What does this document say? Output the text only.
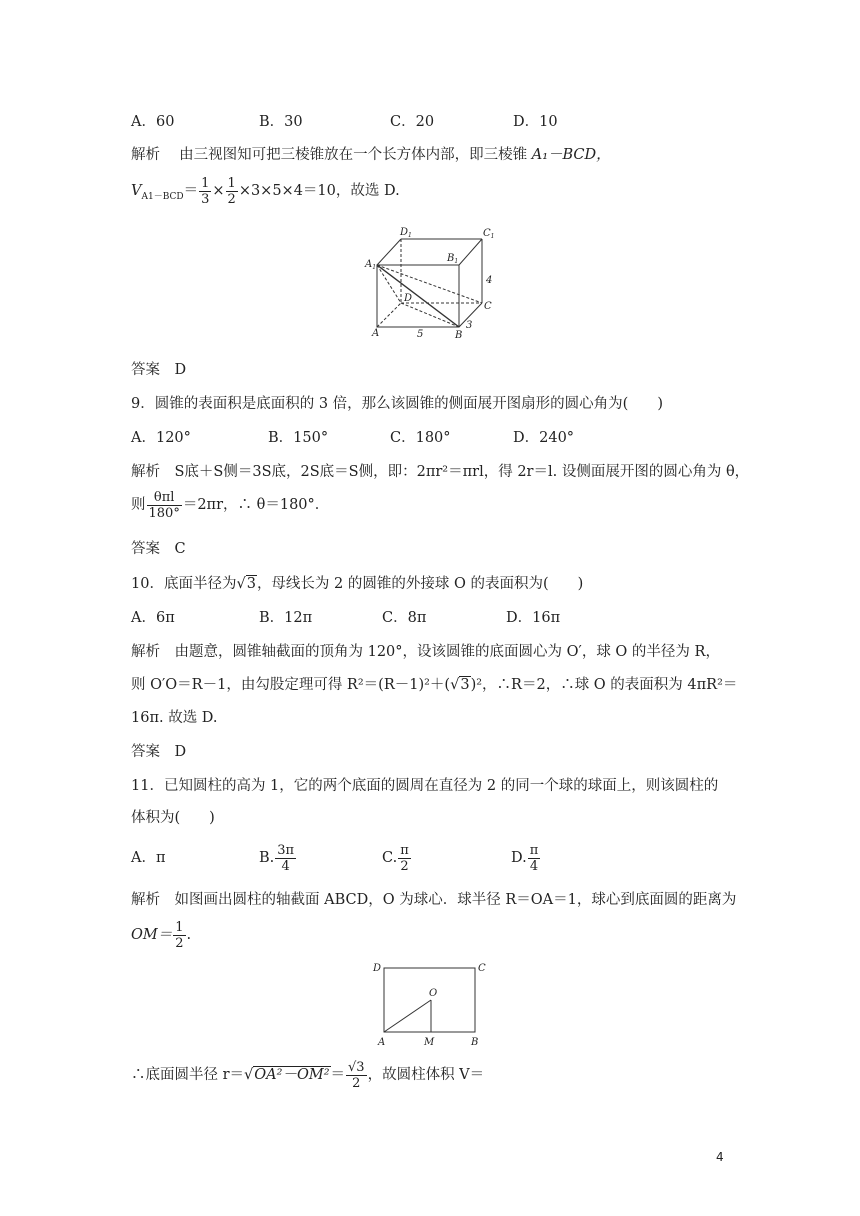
A．60	B．30	C．20	D．10
解析　 由三视图知可把三棱锥放在一个长方体内部，即三棱锥 A₁－BCD，
$V_{A1-BCD}= \frac{1}{3} \times \frac{1}{2} \times 3\times 5\times 4=10$，故选 D.
$D_1$	$C_1$
$B_1$
$A_1$
D
C
A	B
4
5
3
答案　D
9．圆锥的表面积是底面积的 3 倍，那么该圆锥的侧面展开图扇形的圆心角为(　　)
A．120°	B．150°	C．180°	D．240°
解析　S底＋S侧＝3S底，2S底＝S侧，即：2πr²＝πrl，得 2r＝l. 设侧面展开图的圆心角为 θ，
则 $\frac{\text{θπl}}{180^\circ} =2\pi r$，∴ θ＝180°．
答案　C
10．底面半径为√3，母线长为 2 的圆锥的外接球 O 的表面积为(　　)
A．6π	B．12π	C．8π	D．16π
解析　由题意，圆锥轴截面的顶角为 120°，设该圆锥的底面圆心为 O′，球 O 的半径为 R，
则 O′O＝R－1，由勾股定理可得 R²＝(R－1)²＋(√3)²，∴R＝2，∴球 O 的表面积为 4πR²＝
16π. 故选 D.
答案　D
11．已知圆柱的高为 1，它的两个底面的圆周在直径为 2 的同一个球的球面上，则该圆柱的
体积为(　　)
A．π	B. $\frac{3\pi}{4}$	C. $\frac{\pi}{2}$	D. $\frac{\pi}{4}$
解析　如图画出圆柱的轴截面 ABCD，O 为球心．球半径 R＝OA＝1，球心到底面圆的距离为
$OM= \frac{1}{2}$ .
D	C
O
A	M	B
∴底面圆半径 $r=√OA^2-OM^2= \frac{√3}{2}$ ，故圆柱体积 V＝
4
